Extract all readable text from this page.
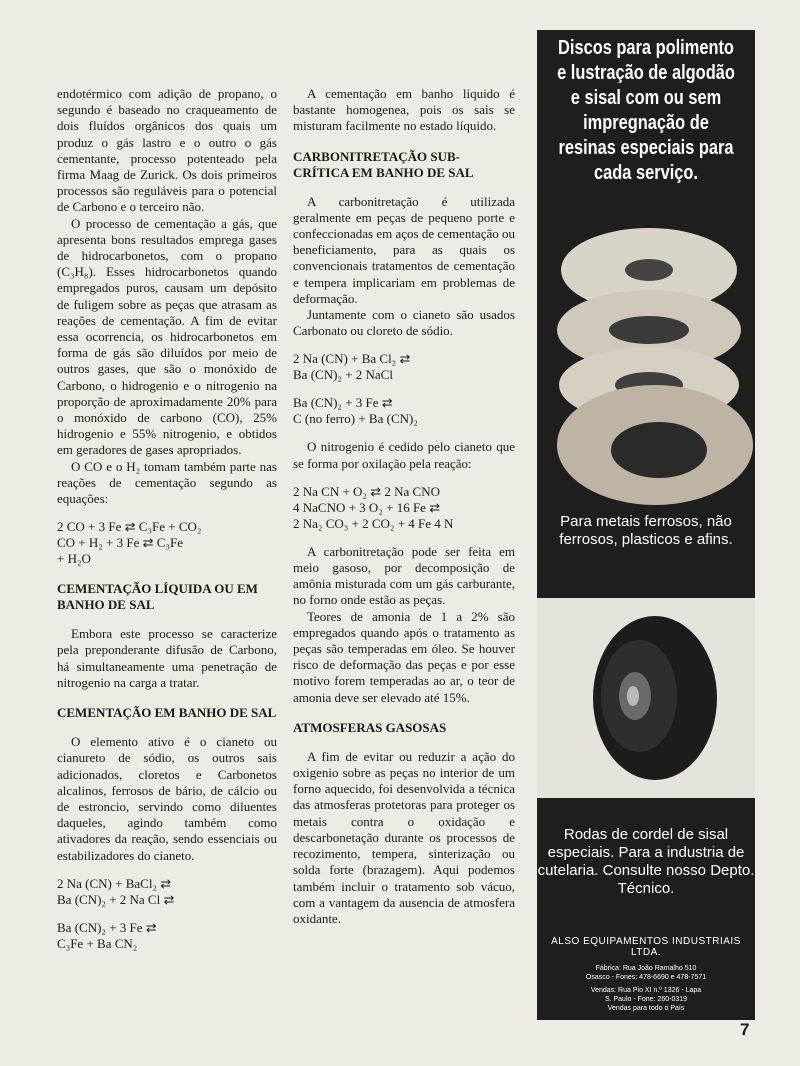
endotérmico com adição de propano, o segundo é baseado no craqueamento de dois fluídos orgânicos dos quais um produz o gás lastro e o outro o gás cementante, processo potenteado pela firma Maag de Zurick. Os dois primeiros processos são reguláveis para o potencial de Carbono e o terceiro não.

O processo de cementação a gás, que apresenta bons resultados emprega gases de hidrocarbonetos, com o propano (C₃H₈). Esses hidrocarbonetos quando empregados puros, causam um depósito de fuligem sobre as peças que atrasam as reações de cementação. A fim de evitar essa ocorrencia, os hidrocarbonetos em forma de gás são diluídos por meio de outros gases, que são o monóxido de Carbono, o hidrogenio e o nitrogenio na proporção de aproximadamente 20% para o monóxido de carbono (CO), 25% hidrogenio e 55% nitrogenio, e obtidos em geradores de gases apropriados.

O CO e o H₂ tomam também parte nas reações de cementação segundo as equações:

2 CO + 3 Fe ⇄ C₃Fe + CO₂
CO + H₂ + 3 Fe ⇄ C₃Fe
+ H₂O
CEMENTAÇÃO LÍQUIDA OU EM BANHO DE SAL

Embora este processo se caracterize pela preponderante difusão de Carbono, há simultaneamente uma penetração de nitrogenio na carga a tratar.

CEMENTAÇÃO EM BANHO DE SAL

O elemento ativo é o cianeto ou cianureto de sódio, os outros sais adicionados, cloretos e Carbonetos alcalinos, ferrosos de bário, de cálcio ou de estroncio, servindo como diluentes daqueles, agindo também como ativadores da reação, sendo essenciais ou estabilizadores do cianeto.

2 Na (CN) + BaCl₂ ⇄
Ba (CN)₂ + 2 Na Cl ⇄
Ba (CN)₂ + 3 Fe ⇄
C₃Fe + Ba CN₂

A cementação em banho líquido é bastante homogenea, pois os sais se misturam facilmente no estado líquido.

CARBONITRETAÇÃO SUB-CRÍTICA EM BANHO DE SAL

A carbonitretação é utilizada geralmente em peças de pequeno porte e confeccionadas em aços de cementação ou beneficiamento, para as quais os convencionais tratamentos de cementação e tempera implicariam em problemas de deformação.

Juntamente com o cianeto são usados Carbonato ou cloreto de sódio.

2 Na (CN) + Ba Cl₂ ⇄
Ba (CN)₂ + 2 NaCl
Ba (CN)₂ + 3 Fe ⇄
C (no ferro) + Ba (CN)₂

O nitrogenio é cedido pelo cianeto que se forma por oxilação pela reação:

2 Na CN + O₂ ⇄ 2 Na CNO
4 NaCNO + 3 O₂ + 16 Fe ⇄
2 Na₂ CO₃ + 2 CO₂ + 4 Fe 4 N

A carbonitretação pode ser feita em meio gasoso, por decomposição de amônia misturada com um gás carburante, no forno onde estão as peças.

Teores de amonia de 1 a 2% são empregados quando após o tratamento as peças são temperadas em óleo. Se houver risco de deformação das peças e por esse motivo forem temperadas ao ar, o teor de amonia deve ser elevado até 15%.

ATMOSFERAS GASOSAS

A fim de evitar ou reduzir a ação do oxigenio sobre as peças no interior de um forno aquecido, foi desenvolvida a técnica das atmosferas protetoras para proteger os metais contra o oxidação e descarbonetação durante os processos de recozimento, tempera, sinterização ou solda forte (brazagem). Aqui podemos também incluir o tratamento sob vácuo, com a vantagem da ausencia de atmosfera oxidante.

Discos para polimento e lustração de algodão e sisal com ou sem impregnação de resinas especiais para cada serviço.
Para metais ferrosos, não ferrosos, plasticos e afins.
Rodas de cordel de sisal especiais. Para a industria de cutelaria. Consulte nosso Depto. Técnico.
ALSO EQUIPAMENTOS INDUSTRIAIS LTDA.
Fábrica: Rua João Ramalho 510
Osasco - Fones: 478-6690 e 478-7571
Vendas: Rua Pio XI n.º 1326 - Lapa
S. Paulo - Fone: 260-0319
Vendas para todo o País
7
